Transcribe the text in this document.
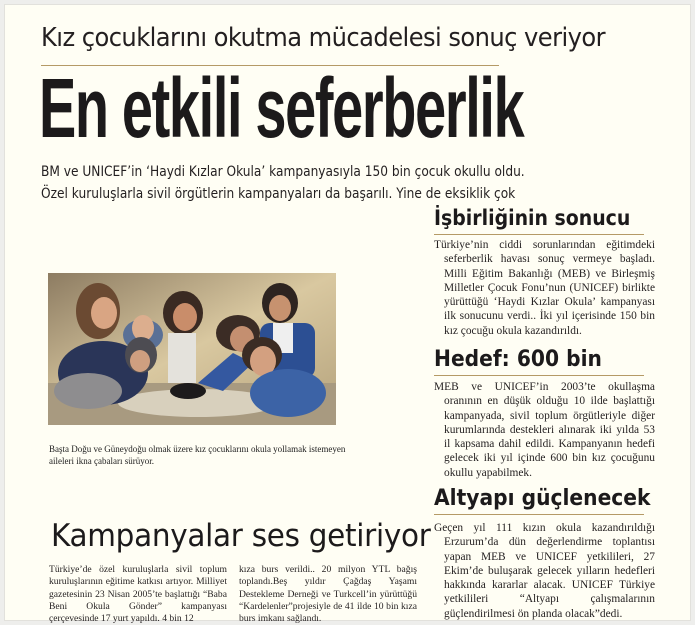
Kız çocuklarını okutma mücadelesi sonuç veriyor
En etkili seferberlik
BM ve UNICEF’in ‘Haydi Kızlar Okula’ kampanyasıyla 150 bin çocuk okullu oldu.
Özel kuruluşlarla sivil örgütlerin kampanyaları da başarılı. Yine de eksiklik çok
Başta Doğu ve Güneydoğu olmak üzere kız çocuklarını okula yollamak istemeyen aileleri ikna çabaları sürüyor.
İşbirliğinin sonucu
Türkiye’nin ciddi sorunlarından eğitimdeki seferberlik havası sonuç vermeye başladı. Milli Eğitim Bakanlığı (MEB) ve Birleşmiş Milletler Çocuk Fonu’nun (UNICEF) birlikte yürüttüğü ‘Haydi Kızlar Okula’ kampanyası ilk sonucunu verdi.. İki yıl içerisinde 150 bin kız çocuğu okula kazandırıldı.
Hedef: 600 bin
MEB ve UNICEF’in 2003’te okullaşma oranının en düşük olduğu 10 ilde başlattığı kampanyada, sivil toplum örgütleriyle diğer kurumlarında destekleri alınarak iki yılda 53 il kapsama dahil edildi. Kampanyanın hedefi gelecek iki yıl içinde 600 bin kız çocuğunu okullu yapabilmek.
Altyapı güçlenecek
Geçen yıl 111 kızın okula kazandırıldığı Erzurum’da dün değerlendirme toplantısı yapan MEB ve UNICEF yetkilileri, 27 Ekim’de buluşarak gelecek yılların hedefleri hakkında kararlar alacak. UNICEF Türkiye yetkilileri “Altyapı çalışmalarının güçlendirilmesi ön planda olacak”dedi.
Kampanyalar ses getiriyor
Türkiye’de özel kuruluşlarla sivil toplum kuruluşlarının eğitime katkısı artıyor. Milliyet gazetesinin 23 Nisan 2005’te başlattığı “Baba Beni Okula Gönder” kampanyası çerçevesinde 17 yurt yapıldı. 4 bin 12
kıza burs verildi.. 20 milyon YTL bağış toplandı.Beş yıldır Çağdaş Yaşamı Destekleme Derneği ve Turkcell’in yürüttüğü “Kardelenler”projesiyle de 41 ilde 10 bin kıza burs imkanı sağlandı.
